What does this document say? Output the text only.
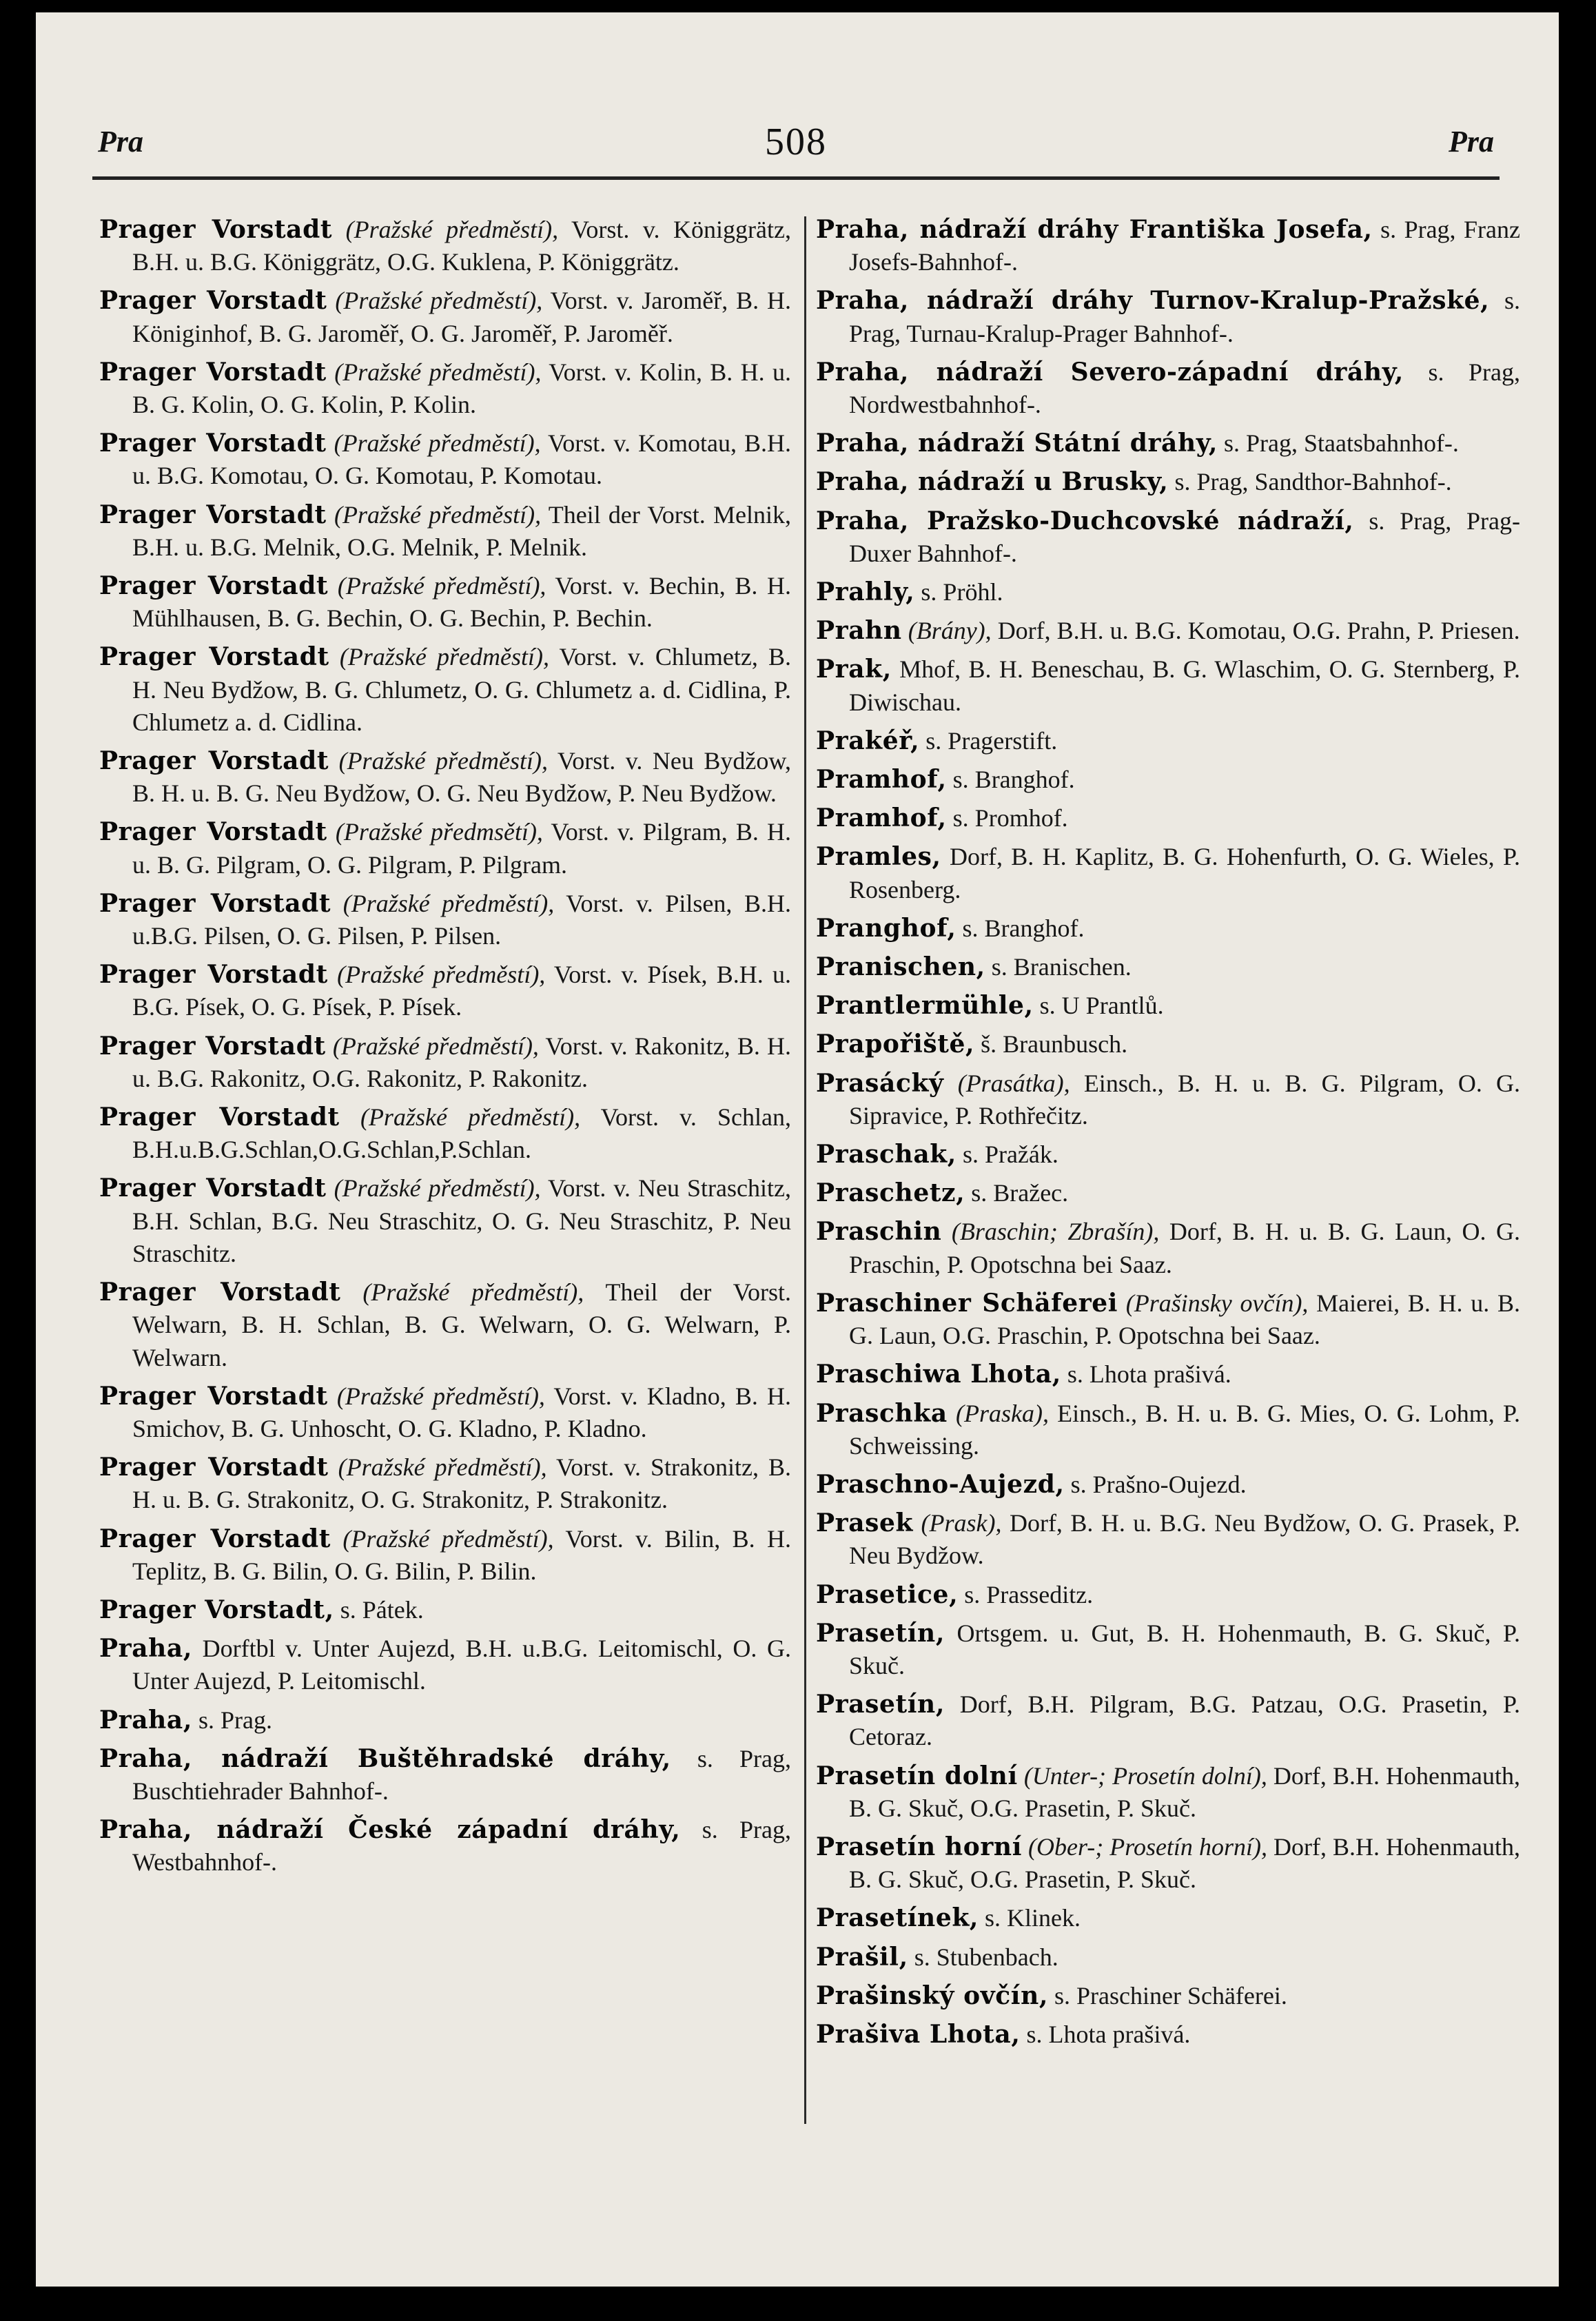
Pra	508	Pra

Prager Vorstadt (Pražské předměstí), Vorst. v. Königgrätz, B.H. u. B.G. Königgrätz, O.G. Kuklena, P. Königgrätz.

Prager Vorstadt (Pražské předměstí), Vorst. v. Jaroměř, B. H. Königinhof, B. G. Jaroměř, O. G. Jaroměř, P. Jaroměř.

Prager Vorstadt (Pražské předměstí), Vorst. v. Kolin, B. H. u. B. G. Kolin, O. G. Kolin, P. Kolin.

Prager Vorstadt (Pražské předměstí), Vorst. v. Komotau, B.H. u. B.G. Komotau, O. G. Komotau, P. Komotau.

Prager Vorstadt (Pražské předměstí), Theil der Vorst. Melnik, B.H. u. B.G. Melnik, O.G. Melnik, P. Melnik.

Prager Vorstadt (Pražské předměstí), Vorst. v. Bechin, B. H. Mühlhausen, B. G. Bechin, O. G. Bechin, P. Bechin.

Prager Vorstadt (Pražské předměstí), Vorst. v. Chlumetz, B. H. Neu Bydžow, B. G. Chlumetz, O. G. Chlumetz a. d. Cidlina, P. Chlumetz a. d. Cidlina.

Prager Vorstadt (Pražské předměstí), Vorst. v. Neu Bydžow, B. H. u. B. G. Neu Bydžow, O. G. Neu Bydžow, P. Neu Bydžow.

Prager Vorstadt (Pražské předmsětí), Vorst. v. Pilgram, B. H. u. B. G. Pilgram, O. G. Pilgram, P. Pilgram.

Prager Vorstadt (Pražské předměstí), Vorst. v. Pilsen, B.H. u.B.G. Pilsen, O. G. Pilsen, P. Pilsen.

Prager Vorstadt (Pražské předměstí), Vorst. v. Písek, B.H. u. B.G. Písek, O. G. Písek, P. Písek.

Prager Vorstadt (Pražské předměstí), Vorst. v. Rakonitz, B. H. u. B.G. Rakonitz, O.G. Rakonitz, P. Rakonitz.

Prager Vorstadt (Pražské předměstí), Vorst. v. Schlan, B.H.u.B.G.Schlan,O.G.Schlan,P.Schlan.

Prager Vorstadt (Pražské předměstí), Vorst. v. Neu Straschitz, B.H. Schlan, B.G. Neu Straschitz, O. G. Neu Straschitz, P. Neu Straschitz.

Prager Vorstadt (Pražské předměstí), Theil der Vorst. Welwarn, B. H. Schlan, B. G. Welwarn, O. G. Welwarn, P. Welwarn.

Prager Vorstadt (Pražské předměstí), Vorst. v. Kladno, B. H. Smichov, B. G. Unhoscht, O. G. Kladno, P. Kladno.

Prager Vorstadt (Pražské předměstí), Vorst. v. Strakonitz, B. H. u. B. G. Strakonitz, O. G. Strakonitz, P. Strakonitz.

Prager Vorstadt (Pražské předměstí), Vorst. v. Bilin, B. H. Teplitz, B. G. Bilin, O. G. Bilin, P. Bilin.

Prager Vorstadt, s. Pátek.

Praha, Dorftbl v. Unter Aujezd, B.H. u.B.G. Leitomischl, O. G. Unter Aujezd, P. Leitomischl.

Praha, s. Prag.

Praha, nádraží Buštěhradské dráhy, s. Prag, Buschtiehrader Bahnhof-.

Praha, nádraží České západní dráhy, s. Prag, Westbahnhof-.

Praha, nádraží dráhy Františka Josefa, s. Prag, Franz Josefs-Bahnhof-.

Praha, nádraží dráhy Turnov-Kralup-Pražské, s. Prag, Turnau-Kralup-Prager Bahnhof-.

Praha, nádraží Severo-západní dráhy, s. Prag, Nordwestbahnhof-.

Praha, nádraží Státní dráhy, s. Prag, Staatsbahnhof-.

Praha, nádraží u Brusky, s. Prag, Sandthor-Bahnhof-.

Praha, Pražsko-Duchcovské nádraží, s. Prag, Prag-Duxer Bahnhof-.

Prahly, s. Pröhl.

Prahn (Brány), Dorf, B.H. u. B.G. Komotau, O.G. Prahn, P. Priesen.

Prak, Mhof, B. H. Beneschau, B. G. Wlaschim, O. G. Sternberg, P. Diwischau.

Prakéř, s. Pragerstift.

Pramhof, s. Branghof.

Pramhof, s. Promhof.

Pramles, Dorf, B. H. Kaplitz, B. G. Hohenfurth, O. G. Wieles, P. Rosenberg.

Pranghof, s. Branghof.

Pranischen, s. Branischen.

Prantlermühle, s. U Prantlů.

Prapořiště, š. Braunbusch.

Prasácký (Prasátka), Einsch., B. H. u. B. G. Pilgram, O. G. Sipravice, P. Rothřečitz.

Praschak, s. Pražák.

Praschetz, s. Bražec.

Praschin (Braschin; Zbrašín), Dorf, B. H. u. B. G. Laun, O. G. Praschin, P. Opotschna bei Saaz.

Praschiner Schäferei (Prašinsky ovčín), Maierei, B. H. u. B. G. Laun, O.G. Praschin, P. Opotschna bei Saaz.

Praschiwa Lhota, s. Lhota prašivá.

Praschka (Praska), Einsch., B. H. u. B. G. Mies, O. G. Lohm, P. Schweissing.

Praschno-Aujezd, s. Prašno-Oujezd.

Prasek (Prask), Dorf, B. H. u. B.G. Neu Bydžow, O. G. Prasek, P. Neu Bydžow.

Prasetice, s. Prasseditz.

Prasetín, Ortsgem. u. Gut, B. H. Hohenmauth, B. G. Skuč, P. Skuč.

Prasetín, Dorf, B.H. Pilgram, B.G. Patzau, O.G. Prasetin, P. Cetoraz.

Prasetín dolní (Unter-; Prosetín dolní), Dorf, B.H. Hohenmauth, B. G. Skuč, O.G. Prasetin, P. Skuč.

Prasetín horní (Ober-; Prosetín horní), Dorf, B.H. Hohenmauth, B. G. Skuč, O.G. Prasetin, P. Skuč.

Prasetínek, s. Klinek.

Prašil, s. Stubenbach.

Prašinský ovčín, s. Praschiner Schäferei.

Prašiva Lhota, s. Lhota prašivá.
